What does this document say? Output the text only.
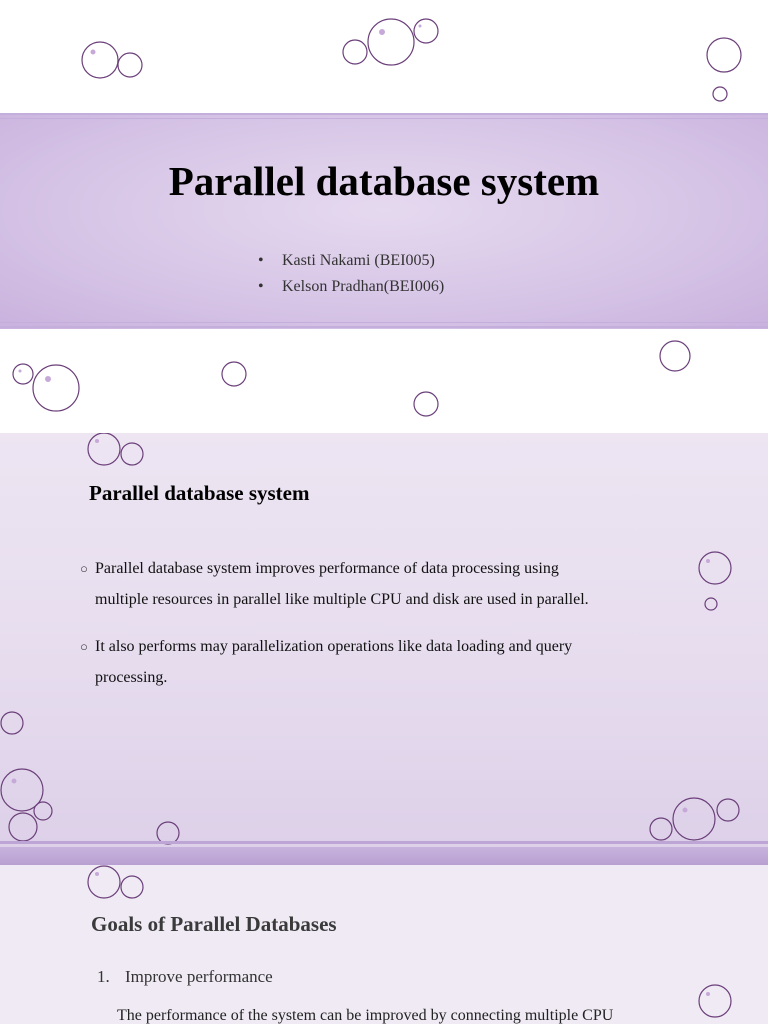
Parallel database system
• Kasti Nakami (BEI005)
• Kelson Pradhan(BEI006)
Parallel database system
○ Parallel database system improves performance of data processing using
multiple resources in parallel like multiple CPU and disk are used in parallel.
○ It also performs may parallelization operations like data loading and query
processing.
Goals of Parallel Databases
1. Improve performance
The performance of the system can be improved by connecting multiple CPU
